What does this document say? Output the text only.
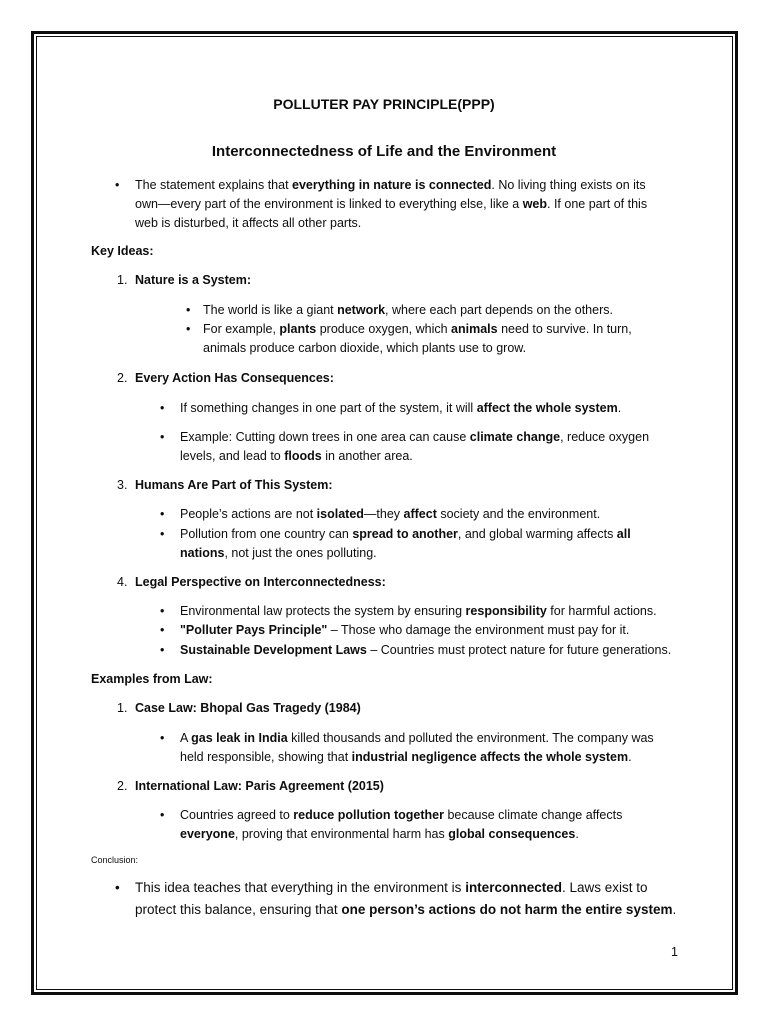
POLLUTER PAY PRINCIPLE(PPP)
Interconnectedness of Life and the Environment
•	The statement explains that everything in nature is connected. No living thing exists on its
own—every part of the environment is linked to everything else, like a web. If one part of this
web is disturbed, it affects all other parts.
Key Ideas:
1. Nature is a System:
•	The world is like a giant network, where each part depends on the others.
•	For example, plants produce oxygen, which animals need to survive. In turn,
animals produce carbon dioxide, which plants use to grow.
2. Every Action Has Consequences:
•	If something changes in one part of the system, it will affect the whole system.
•	Example: Cutting down trees in one area can cause climate change, reduce oxygen
levels, and lead to floods in another area.
3. Humans Are Part of This System:
•	People’s actions are not isolated—they affect society and the environment.
•	Pollution from one country can spread to another, and global warming affects all
nations, not just the ones polluting.
4. Legal Perspective on Interconnectedness:
•	Environmental law protects the system by ensuring responsibility for harmful actions.
•	"Polluter Pays Principle" – Those who damage the environment must pay for it.
•	Sustainable Development Laws – Countries must protect nature for future generations.
Examples from Law:
1. Case Law: Bhopal Gas Tragedy (1984)
•	A gas leak in India killed thousands and polluted the environment. The company was
held responsible, showing that industrial negligence affects the whole system.
2. International Law: Paris Agreement (2015)
•	Countries agreed to reduce pollution together because climate change affects
everyone, proving that environmental harm has global consequences.
Conclusion:
•	This idea teaches that everything in the environment is interconnected. Laws exist to
protect this balance, ensuring that one person’s actions do not harm the entire system.
1
